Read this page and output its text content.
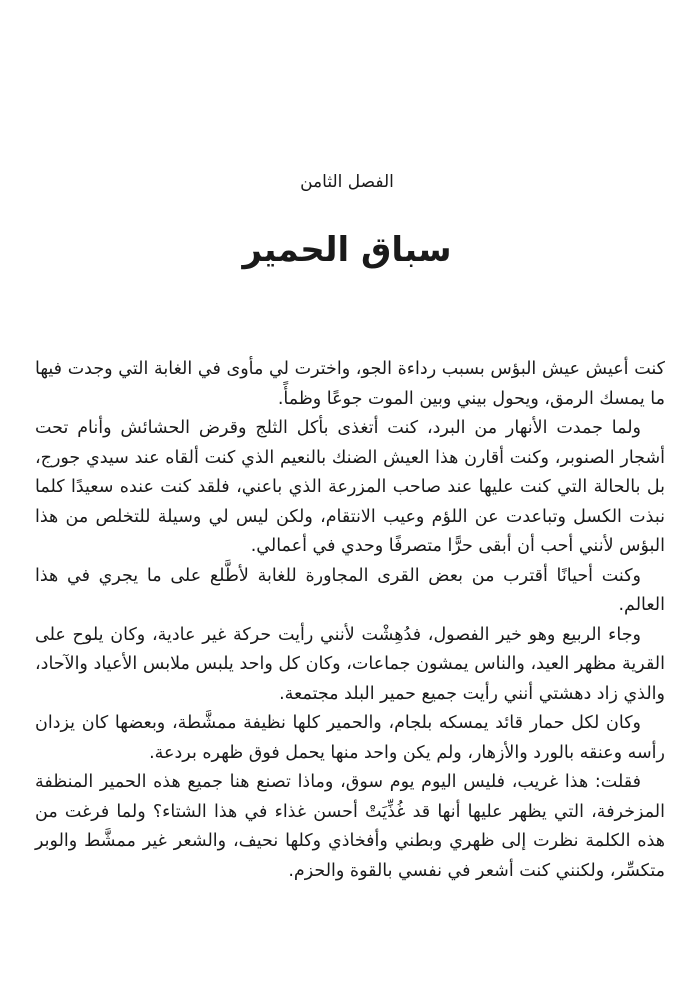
الفصل الثامن
سباق الحمير

كنت أعيش عيش البؤس بسبب رداءة الجو، واخترت لي مأوى في الغابة التي وجدت فيها ما يمسك الرمق، ويحول بيني وبين الموت جوعًا وظمأً.

ولما جمدت الأنهار من البرد، كنت أتغذى بأكل الثلج وقرض الحشائش وأنام تحت أشجار الصنوبر، وكنت أقارن هذا العيش الضنك بالنعيم الذي كنت ألقاه عند سيدي جورج، بل بالحالة التي كنت عليها عند صاحب المزرعة الذي باعني، فلقد كنت عنده سعيدًا كلما نبذت الكسل وتباعدت عن اللؤم وعيب الانتقام، ولكن ليس لي وسيلة للتخلص من هذا البؤس لأنني أحب أن أبقى حرًّا متصرفًا وحدي في أعمالي.

وكنت أحيانًا أقترب من بعض القرى المجاورة للغابة لأطَّلع على ما يجري في هذا العالم.

وجاء الربيع وهو خير الفصول، فدُهِشْت لأنني رأيت حركة غير عادية، وكان يلوح على القرية مظهر العيد، والناس يمشون جماعات، وكان كل واحد يلبس ملابس الأعياد والآحاد، والذي زاد دهشتي أنني رأيت جميع حمير البلد مجتمعة.

وكان لكل حمار قائد يمسكه بلجام، والحمير كلها نظيفة ممشَّطة، وبعضها كان يزدان رأسه وعنقه بالورد والأزهار، ولم يكن واحد منها يحمل فوق ظهره بردعة.

فقلت: هذا غريب، فليس اليوم يوم سوق، وماذا تصنع هنا جميع هذه الحمير المنظفة المزخرفة، التي يظهر عليها أنها قد غُذِّيَتْ أحسن غذاء في هذا الشتاء؟ ولما فرغت من هذه الكلمة نظرت إلى ظهري وبطني وأفخاذي وكلها نحيف، والشعر غير ممشَّط والوبر متكسِّر، ولكنني كنت أشعر في نفسي بالقوة والحزم.
